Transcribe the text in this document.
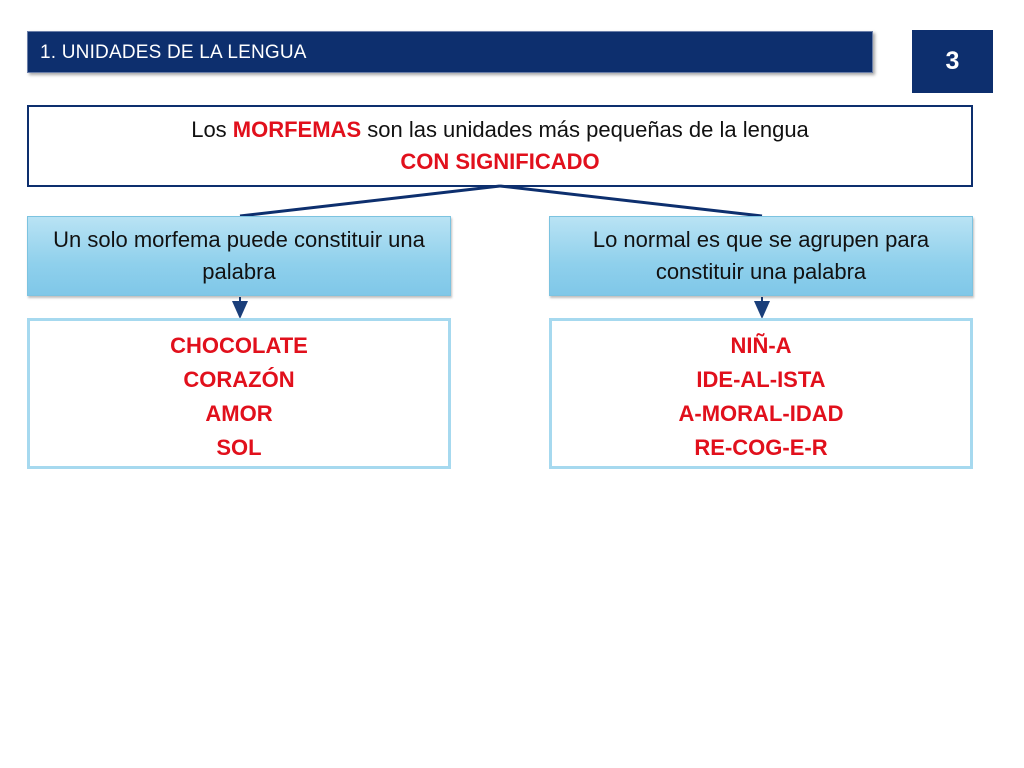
1. UNIDADES DE LA LENGUA	3
Los MORFEMAS son las unidades más pequeñas de la lengua
CON SIGNIFICADO
Un solo morfema puede constituir una palabra
Lo normal es que se agrupen para constituir una palabra
CHOCOLATE
CORAZÓN
AMOR
SOL
NIÑ-A
IDE-AL-ISTA
A-MORAL-IDAD
RE-COG-E-R
